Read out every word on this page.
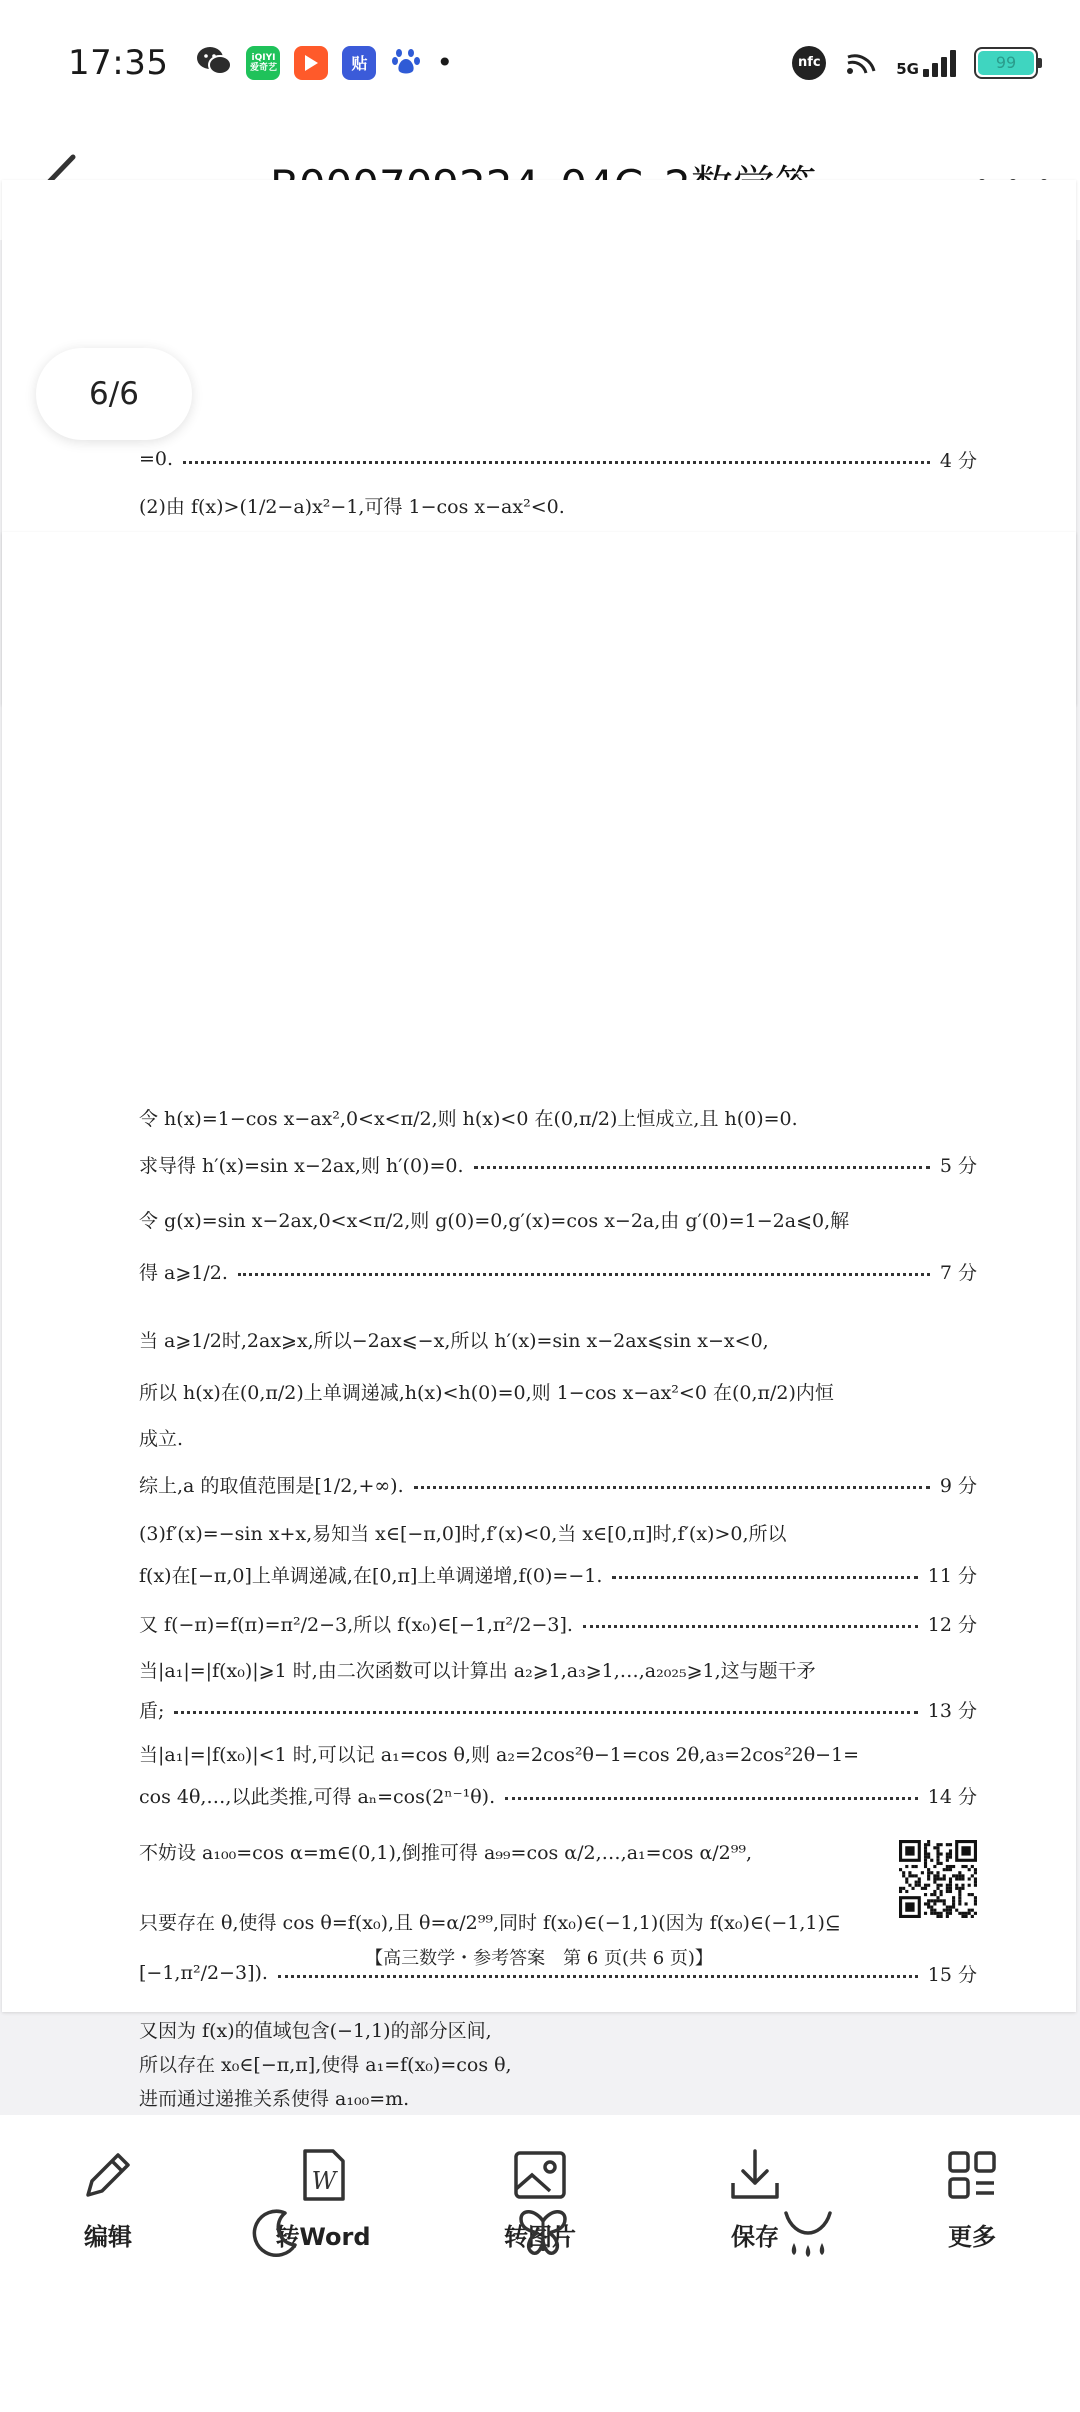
17:35	iQIYI
爱奇艺	贴	•	nfc	5G	99
=0.	4 分
(2)由 f(x)>(1/2−a)x²−1,可得 1−cos x−ax²<0.
令 h(x)=1−cos x−ax²,0<x<π/2,则 h(x)<0 在(0,π/2)上恒成立,且 h(0)=0.
求导得 h′(x)=sin x−2ax,则 h′(0)=0.	5 分
令 g(x)=sin x−2ax,0<x<π/2,则 g(0)=0,g′(x)=cos x−2a,由 g′(0)=1−2a⩽0,解
得 a⩾1/2.	7 分
当 a⩾1/2时,2ax⩾x,所以−2ax⩽−x,所以 h′(x)=sin x−2ax⩽sin x−x<0,
所以 h(x)在(0,π/2)上单调递减,h(x)<h(0)=0,则 1−cos x−ax²<0 在(0,π/2)内恒
成立.
综上,a 的取值范围是[1/2,+∞).	9 分
(3)f′(x)=−sin x+x,易知当 x∈[−π,0]时,f′(x)<0,当 x∈[0,π]时,f′(x)>0,所以
f(x)在[−π,0]上单调递减,在[0,π]上单调递增,f(0)=−1.	11 分
又 f(−π)=f(π)=π²/2−3,所以 f(x₀)∈[−1,π²/2−3].	12 分
当|a₁|=|f(x₀)|⩾1 时,由二次函数可以计算出 a₂⩾1,a₃⩾1,…,a₂₀₂₅⩾1,这与题干矛
盾;	13 分
当|a₁|=|f(x₀)|<1 时,可以记 a₁=cos θ,则 a₂=2cos²θ−1=cos 2θ,a₃=2cos²2θ−1=
cos 4θ,…,以此类推,可得 aₙ=cos(2ⁿ⁻¹θ).	14 分
不妨设 a₁₀₀=cos α=m∈(0,1),倒推可得 a₉₉=cos α/2,…,a₁=cos α/2⁹⁹,
只要存在 θ,使得 cos θ=f(x₀),且 θ=α/2⁹⁹,同时 f(x₀)∈(−1,1)(因为 f(x₀)∈(−1,1)⊆
[−1,π²/2−3]).	15 分
又因为 f(x)的值域包含(−1,1)的部分区间,
所以存在 x₀∈[−π,π],使得 a₁=f(x₀)=cos θ,
进而通过递推关系使得 a₁₀₀=m.
【高三数学・参考答案　第 6 页(共 6 页)】
6/6
编辑
W
转Word	转图片	保存	更多
